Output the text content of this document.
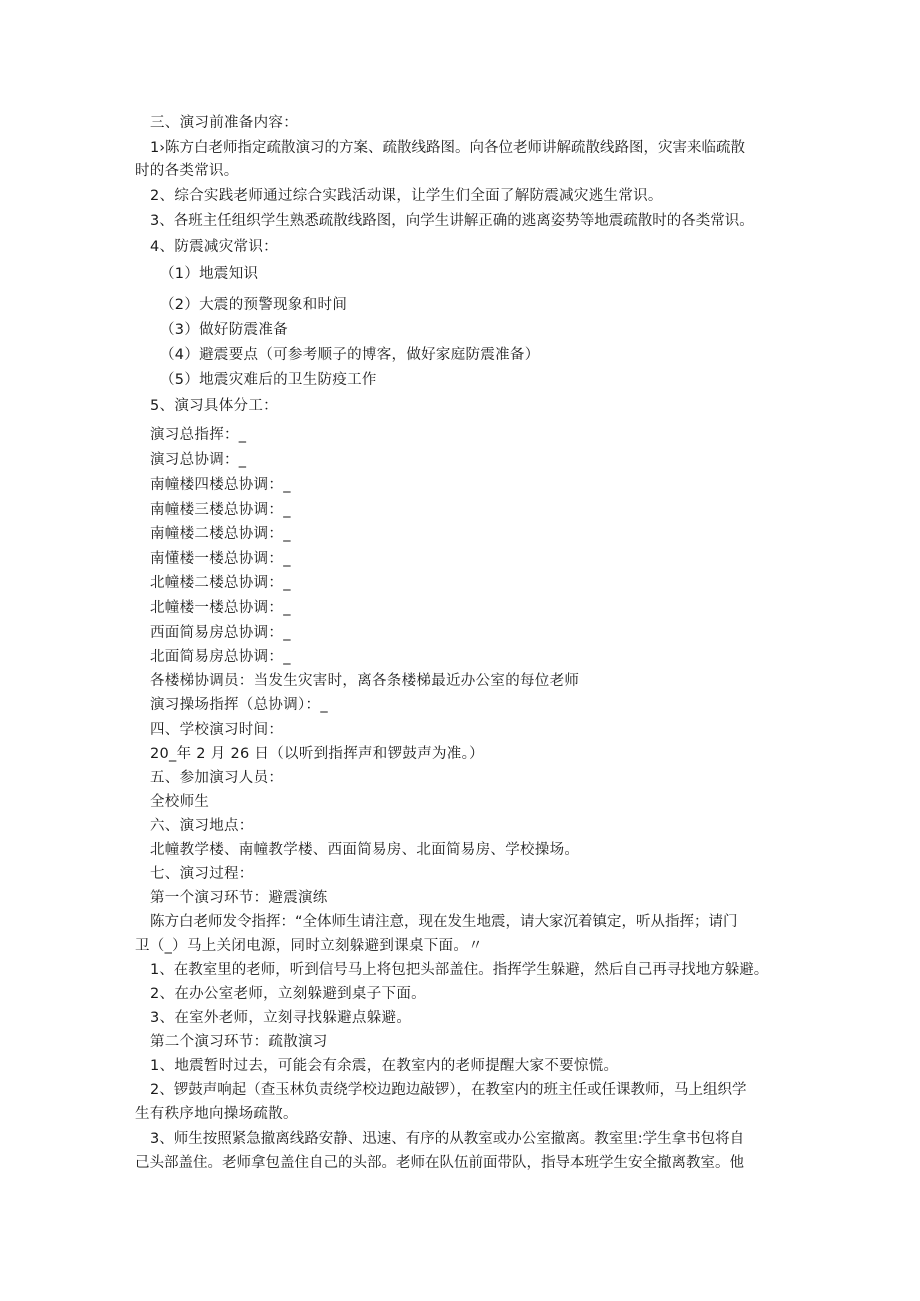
三、演习前准备内容：
1›陈方白老师指定疏散演习的方案、疏散线路图。向各位老师讲解疏散线路图，灾害来临疏散
时的各类常识。
2、综合实践老师通过综合实践活动课，让学生们全面了解防震减灾逃生常识。
3、各班主任组织学生熟悉疏散线路图，向学生讲解正确的逃离姿势等地震疏散时的各类常识。
4、防震减灾常识：
（1）地震知识
（2）大震的预警现象和时间
（3）做好防震准备
（4）避震要点（可参考顺子的博客，做好家庭防震准备）
（5）地震灾难后的卫生防疫工作
5、演习具体分工：
演习总指挥：_
演习总协调：_
南幢楼四楼总协调：_
南幢楼三楼总协调：_
南幢楼二楼总协调：_
南懂楼一楼总协调：_
北幢楼二楼总协调：_
北幢楼一楼总协调：_
西面简易房总协调：_
北面简易房总协调：_
各楼梯协调员：当发生灾害时，离各条楼梯最近办公室的每位老师
演习操场指挥（总协调）：_
四、学校演习时间：
20_年 2 月 26 日（以听到指挥声和锣鼓声为准。）
五、参加演习人员：
全校师生
六、演习地点：
北幢教学楼、南幢教学楼、西面简易房、北面简易房、学校操场。
七、演习过程：
第一个演习环节：避震演练
陈方白老师发令指挥：“全体师生请注意，现在发生地震，请大家沉着镇定，听从指挥；请门
卫（_）马上关闭电源，同时立刻躲避到课桌下面。〃
1、在教室里的老师，听到信号马上将包把头部盖住。指挥学生躲避，然后自己再寻找地方躲避。
2、在办公室老师，立刻躲避到桌子下面。
3、在室外老师，立刻寻找躲避点躲避。
第二个演习环节：疏散演习
1、地震暂时过去，可能会有余震，在教室内的老师提醒大家不要惊慌。
2、锣鼓声响起（查玉林负责绕学校边跑边敲锣），在教室内的班主任或任课教师，马上组织学
生有秩序地向操场疏散。
3、师生按照紧急撤离线路安静、迅速、有序的从教室或办公室撤离。教室里:学生拿书包将自
己头部盖住。老师拿包盖住自己的头部。老师在队伍前面带队，指导本班学生安全撤离教室。他
